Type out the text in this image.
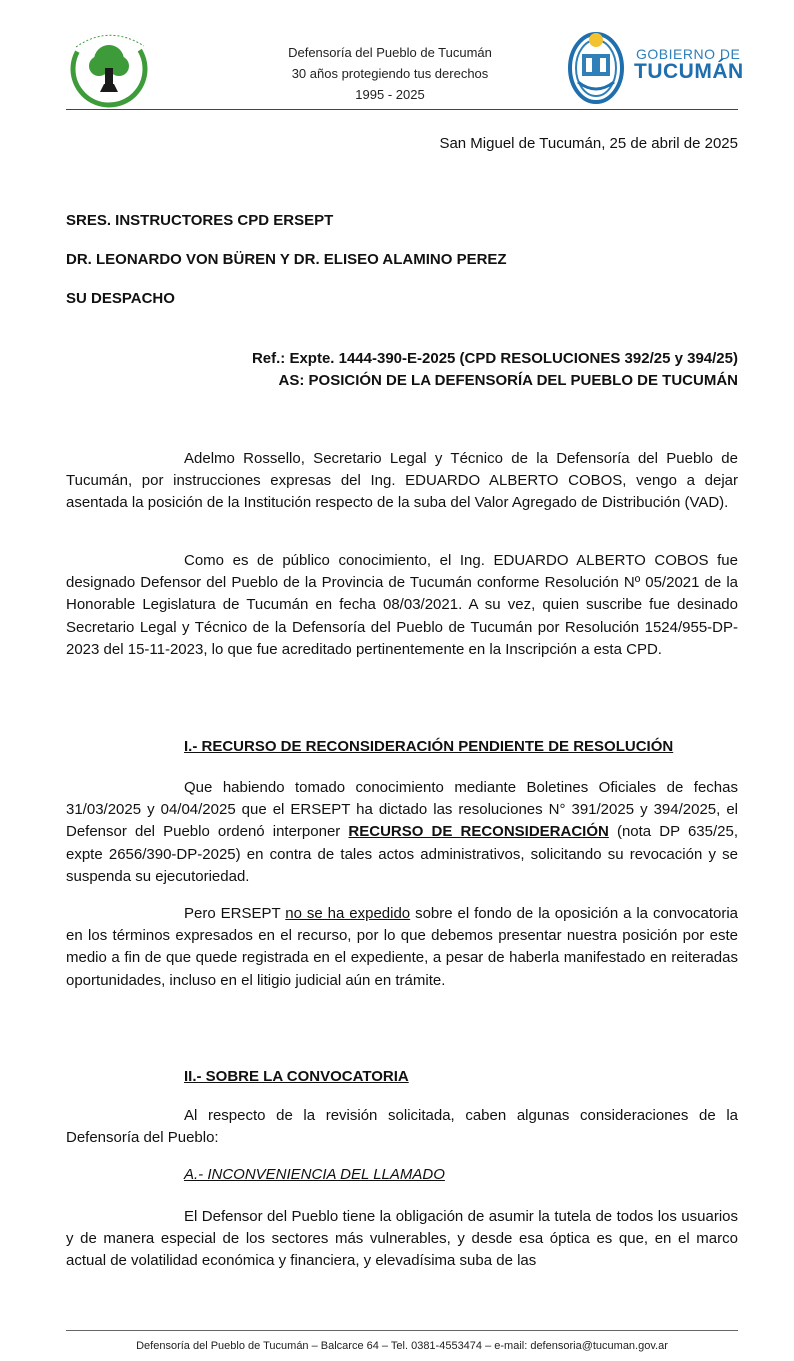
Defensoría del Pueblo de Tucumán
30 años protegiendo tus derechos
1995 - 2025
GOBIERNO DE
TUCUMÁN
San Miguel de Tucumán, 25 de abril de 2025
SRES. INSTRUCTORES CPD ERSEPT
DR. LEONARDO VON BÜREN Y DR. ELISEO ALAMINO PEREZ
SU DESPACHO
Ref.: Expte. 1444-390-E-2025 (CPD RESOLUCIONES 392/25 y 394/25)
AS: POSICIÓN DE LA DEFENSORÍA DEL PUEBLO DE TUCUMÁN
Adelmo Rossello, Secretario Legal y Técnico de la Defensoría del Pueblo de Tucumán, por instrucciones expresas del Ing. EDUARDO ALBERTO COBOS, vengo a dejar asentada la posición de la Institución respecto de la suba del Valor Agregado de Distribución (VAD).
Como es de público conocimiento, el Ing. EDUARDO ALBERTO COBOS fue designado Defensor del Pueblo de la Provincia de Tucumán conforme Resolución Nº 05/2021 de la Honorable Legislatura de Tucumán en fecha 08/03/2021. A su vez, quien suscribe fue desinado Secretario Legal y Técnico de la Defensoría del Pueblo de Tucumán por Resolución 1524/955-DP-2023 del 15-11-2023, lo que fue acreditado pertinentemente en la Inscripción a esta CPD.
I.- RECURSO DE RECONSIDERACIÓN PENDIENTE DE RESOLUCIÓN
Que habiendo tomado conocimiento mediante Boletines Oficiales de fechas 31/03/2025 y 04/04/2025 que el ERSEPT ha dictado las resoluciones N° 391/2025 y 394/2025, el Defensor del Pueblo ordenó interponer RECURSO DE RECONSIDERACIÓN (nota DP 635/25, expte 2656/390-DP-2025) en contra de tales actos administrativos, solicitando su revocación y se suspenda su ejecutoriedad.
Pero ERSEPT no se ha expedido sobre el fondo de la oposición a la convocatoria en los términos expresados en el recurso, por lo que debemos presentar nuestra posición por este medio a fin de que quede registrada en el expediente, a pesar de haberla manifestado en reiteradas oportunidades, incluso en el litigio judicial aún en trámite.
II.- SOBRE LA CONVOCATORIA
Al respecto de la revisión solicitada, caben algunas consideraciones de la Defensoría del Pueblo:
A.- INCONVENIENCIA DEL LLAMADO
El Defensor del Pueblo tiene la obligación de asumir la tutela de todos los usuarios y de manera especial de los sectores más vulnerables, y desde esa óptica es que, en el marco actual de volatilidad económica y financiera, y elevadísima suba de las
Defensoría del Pueblo de Tucumán – Balcarce 64 – Tel. 0381-4553474 – e-mail: defensoria@tucuman.gov.ar
